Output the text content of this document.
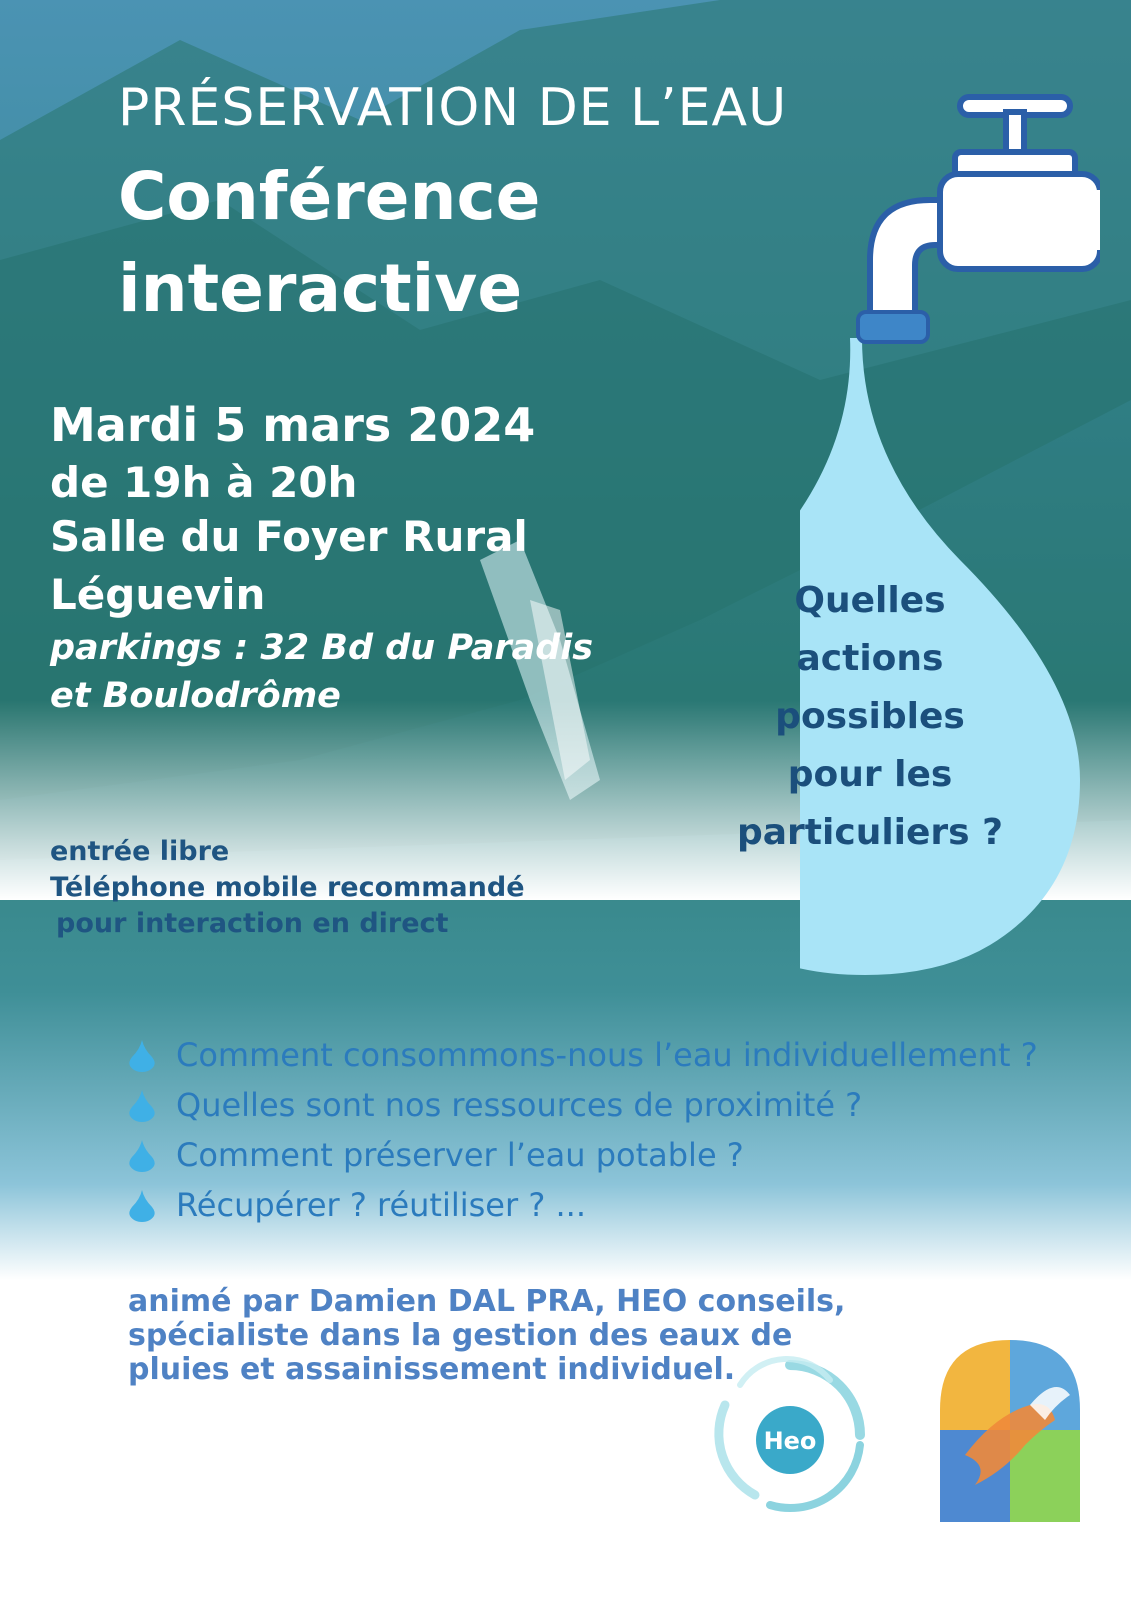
PRÉSERVATION DE L’EAU

Conférence

interactive

Mardi 5 mars 2024

de 19h à 20h

Salle du Foyer Rural

Léguevin

parkings : 32 Bd du Paradis

et Boulodrôme

entrée libre

Téléphone mobile recommandé

pour interaction en direct

Quelles
actions
possibles
pour les
particuliers ?
Comment consommons-nous l’eau individuellement ?
Quelles sont nos ressources de proximité ?
Comment préserver l’eau potable ?
Récupérer ? réutiliser ? ...

animé par Damien DAL PRA, HEO conseils,

spécialiste dans la gestion des eaux de

pluies et assainissement individuel.

Heo
